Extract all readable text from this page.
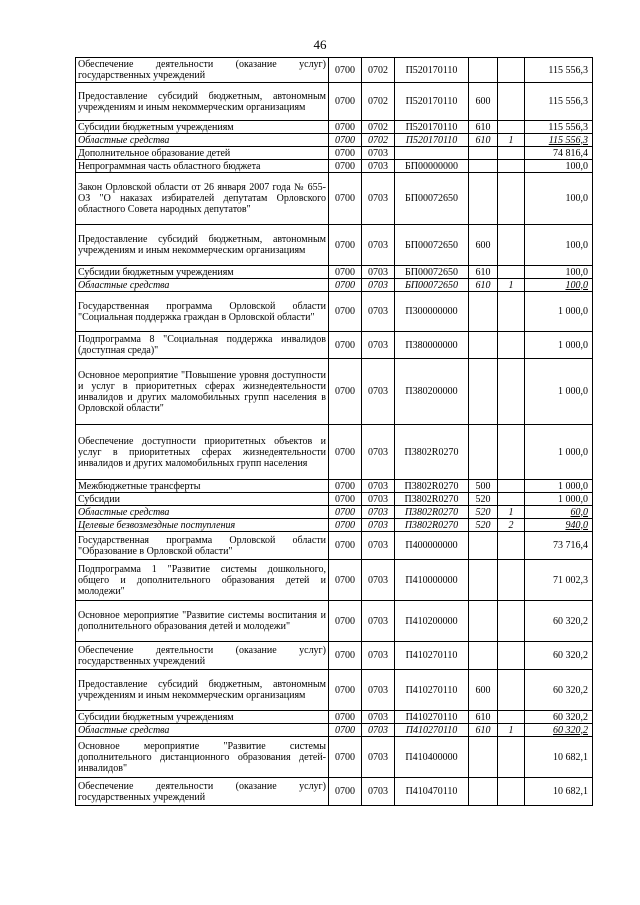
46
Обеспечение деятельности (оказание услуг) государственных учреждений	0700	0702	П520170110			115 556,3
Предоставление субсидий бюджетным, автономным учреждениям и иным некоммерческим организациям	0700	0702	П520170110	600		115 556,3
Субсидии бюджетным учреждениям	0700	0702	П520170110	610		115 556,3
Областные средства	0700	0702	П520170110	610	1	115 556,3
Дополнительное образование детей	0700	0703				74 816,4
Непрограммная часть областного бюджета	0700	0703	БП00000000			100,0
Закон Орловской области от 26 января 2007 года № 655-ОЗ "О наказах избирателей депутатам Орловского областного Совета народных депутатов"	0700	0703	БП00072650			100,0
Предоставление субсидий бюджетным, автономным учреждениям и иным некоммерческим организациям	0700	0703	БП00072650	600		100,0
Субсидии бюджетным учреждениям	0700	0703	БП00072650	610		100,0
Областные средства	0700	0703	БП00072650	610	1	100,0
Государственная программа Орловской области "Социальная поддержка граждан в Орловской области"	0700	0703	П300000000			1 000,0
Подпрограмма 8 "Социальная поддержка инвалидов (доступная среда)"	0700	0703	П380000000			1 000,0
Основное мероприятие "Повышение уровня доступности и услуг в приоритетных сферах жизнедеятельности инвалидов и других маломобильных групп населения в Орловской области"	0700	0703	П380200000			1 000,0
Обеспечение доступности приоритетных объектов и услуг в приоритетных сферах жизнедеятельности инвалидов и других маломобильных групп населения	0700	0703	П3802R0270			1 000,0
Межбюджетные трансферты	0700	0703	П3802R0270	500		1 000,0
Субсидии	0700	0703	П3802R0270	520		1 000,0
Областные средства	0700	0703	П3802R0270	520	1	60,0
Целевые безвозмездные поступления	0700	0703	П3802R0270	520	2	940,0
Государственная программа Орловской области "Образование в Орловской области"	0700	0703	П400000000			73 716,4
Подпрограмма 1 "Развитие системы дошкольного, общего и дополнительного образования детей и молодежи"	0700	0703	П410000000			71 002,3
Основное мероприятие "Развитие системы воспитания и дополнительного образования детей и молодежи"	0700	0703	П410200000			60 320,2
Обеспечение деятельности (оказание услуг) государственных учреждений	0700	0703	П410270110			60 320,2
Предоставление субсидий бюджетным, автономным учреждениям и иным некоммерческим организациям	0700	0703	П410270110	600		60 320,2
Субсидии бюджетным учреждениям	0700	0703	П410270110	610		60 320,2
Областные средства	0700	0703	П410270110	610	1	60 320,2
Основное мероприятие "Развитие системы дополнительного дистанционного образования детей-инвалидов"	0700	0703	П410400000			10 682,1
Обеспечение деятельности (оказание услуг) государственных учреждений	0700	0703	П410470110			10 682,1
